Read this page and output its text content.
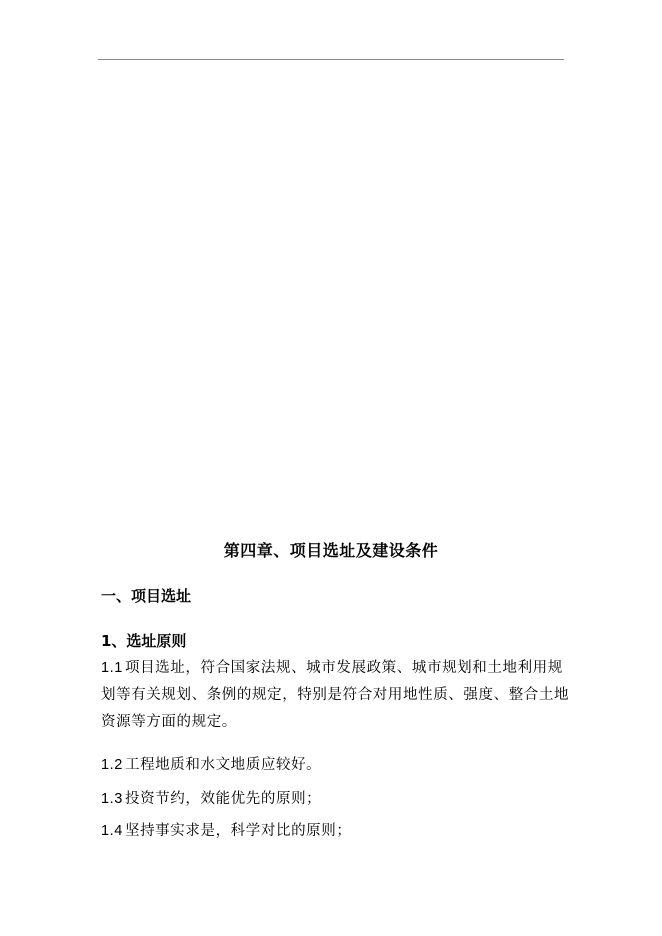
第四章、项目选址及建设条件
一、项目选址
1、选址原则
1.1 项目选址，符合国家法规、城市发展政策、城市规划和土地利用规划等有关规划、条例的规定，特别是符合对用地性质、强度、整合土地资源等方面的规定。
1.2 工程地质和水文地质应较好。
1.3 投资节约，效能优先的原则；
1.4 坚持事实求是，科学对比的原则；
